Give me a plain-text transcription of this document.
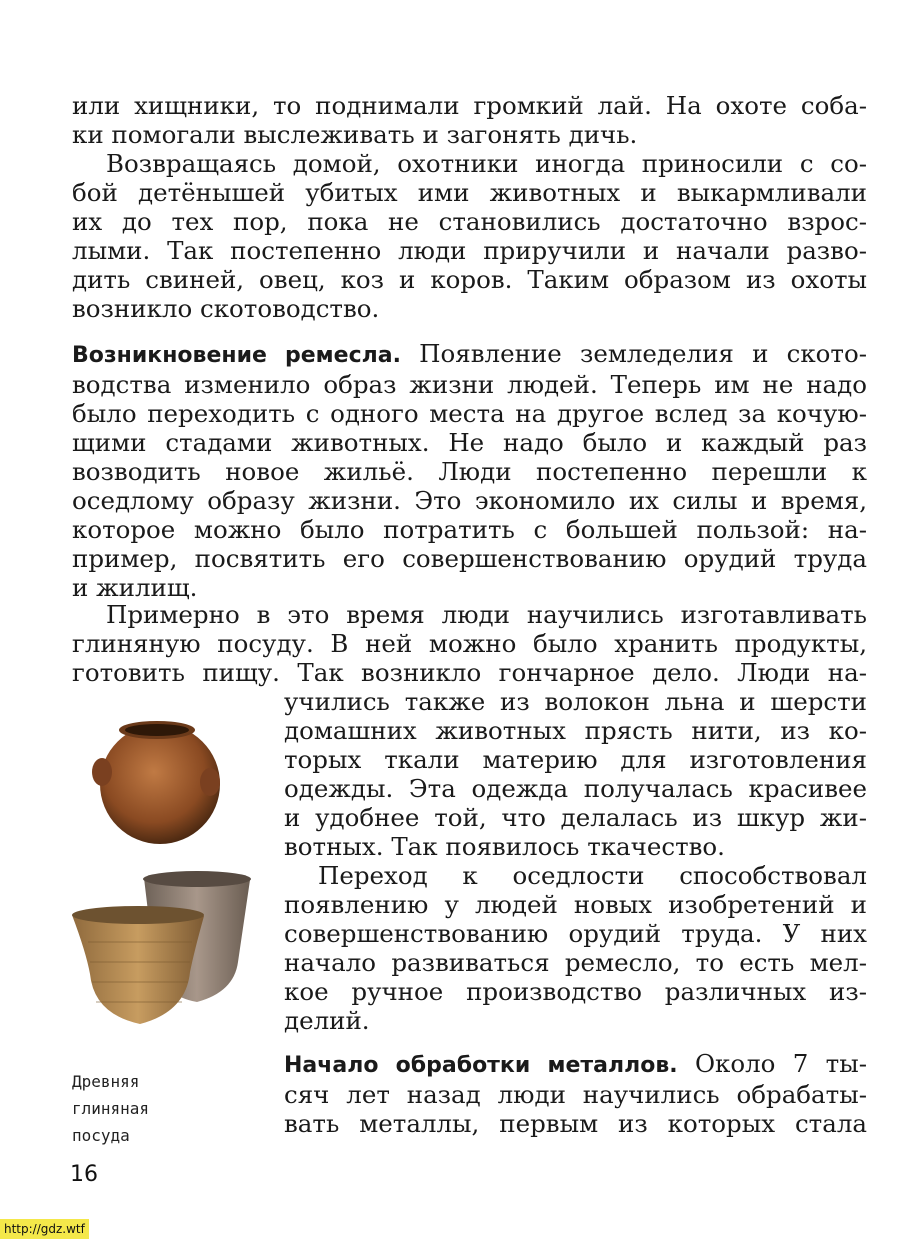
или хищники, то поднимали громкий лай. На охоте соба-
ки помогали выслеживать и загонять дичь.
Возвращаясь домой, охотники иногда приносили с со-
бой детёнышей убитых ими животных и выкармливали
их до тех пор, пока не становились достаточно взрос-
лыми. Так постепенно люди приручили и начали разво-
дить свиней, овец, коз и коров. Таким образом из охоты
возникло скотоводство.
Возникновение ремесла. Появление земледелия и ското-
водства изменило образ жизни людей. Теперь им не надо
было переходить с одного места на другое вслед за кочую-
щими стадами животных. Не надо было и каждый раз
возводить новое жильё. Люди постепенно перешли к
оседлому образу жизни. Это экономило их силы и время,
которое можно было потратить с большей пользой: на-
пример, посвятить его совершенствованию орудий труда
и жилищ.
Примерно в это время люди научились изготавливать
глиняную посуду. В ней можно было хранить продукты,
готовить пищу. Так возникло гончарное дело. Люди на-
учились также из волокон льна и шерсти
домашних животных прясть нити, из ко-
торых ткали материю для изготовления
одежды. Эта одежда получалась красивее
и удобнее той, что делалась из шкур жи-
вотных. Так появилось ткачество.
Переход к оседлости способствовал
появлению у людей новых изобретений и
совершенствованию орудий труда. У них
начало развиваться ремесло, то есть мел-
кое ручное производство различных из-
делий.
Начало обработки металлов. Около 7 ты-
сяч лет назад люди научились обрабаты-
вать металлы, первым из которых стала
Древняя
глиняная
посуда
16
http://gdz.wtf
